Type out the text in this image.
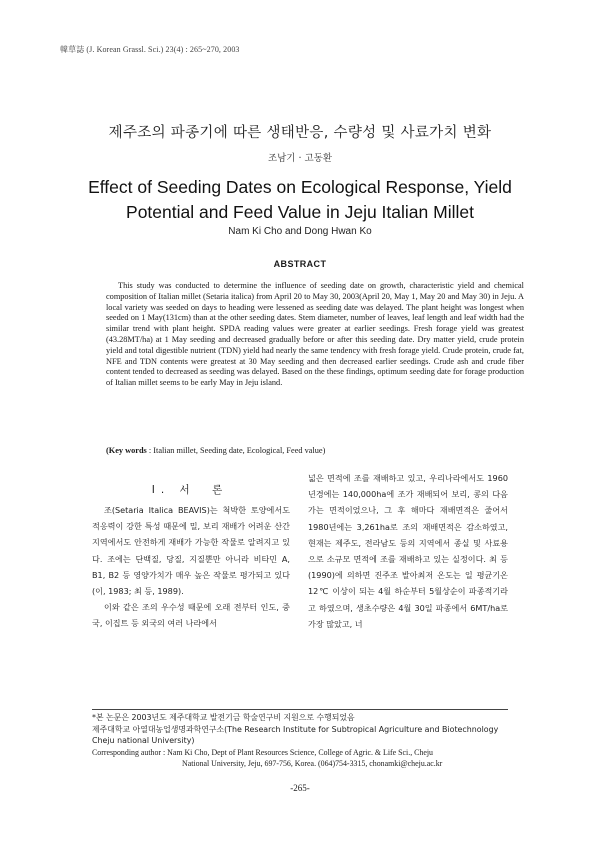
韓草誌 (J. Korean Grassl. Sci.) 23(4) : 265~270, 2003
제주조의 파종기에 따른 생태반응, 수량성 및 사료가치 변화
조남기 · 고동환
Effect of Seeding Dates on Ecological Response, Yield
Potential and Feed Value in Jeju Italian Millet
Nam Ki Cho and Dong Hwan Ko
ABSTRACT
This study was conducted to determine the influence of seeding date on growth, characteristic yield and chemical composition of Italian millet (Setaria italica) from April 20 to May 30, 2003(April 20, May 1, May 20 and May 30) in Jeju. A local variety was seeded on days to heading were lessened as seeding date was delayed. The plant height was longest when seeded on 1 May(131cm) than at the other seeding dates. Stem diameter, number of leaves, leaf length and leaf width had the similar trend with plant height. SPDA reading values were greater at earlier seedings. Fresh forage yield was greatest (43.28MT/ha) at 1 May seeding and decreased gradually before or after this seeding date. Dry matter yield, crude protein yield and total digestible nutrient (TDN) yield had nearly the same tendency with fresh forage yield. Crude protein, crude fat, NFE and TDN contents were greatest at 30 May seeding and then decreased earlier seedings. Crude ash and crude fiber content tended to decreased as seeding was delayed. Based on the these findings, optimum seeding date for forage production of Italian millet seems to be early May in Jeju island.
(Key words : Italian millet, Seeding date, Ecological, Feed value)
I. 서　론

조(Setaria Italica BEAVIS)는 척박한 토양에서도 적응력이 강한 특성 때문에 밀, 보리 재배가 어려운 산간지역에서도 안전하게 재배가 가능한 작물로 알려지고 있다. 조에는 단백질, 당질, 지질뿐만 아니라 비타민 A, B1, B2 등 영양가치가 매우 높은 작물로 평가되고 있다(이, 1983; 최 등, 1989).

이와 같은 조의 우수성 때문에 오래 전부터 인도, 중국, 이집트 등 외국의 여러 나라에서

넓은 면적에 조를 재배하고 있고, 우리나라에서도 1960년경에는 140,000ha에 조가 재배되어 보리, 콩의 다음 가는 면적이었으나, 그 후 해마다 재배면적은 줄어서 1980년에는 3,261ha로 조의 재배면적은 감소하였고, 현재는 제주도, 전라남도 등의 지역에서 종실 및 사료용으로 소규모 면적에 조를 재배하고 있는 실정이다. 최 등(1990)에 의하면 진주조 발아최저 온도는 일 평균기온 12℃ 이상이 되는 4월 하순부터 5월상순이 파종적기라고 하였으며, 생초수량은 4월 30일 파종에서 6MT/ha로 가장 많았고, 너

*본 논문은 2003년도 제주대학교 발전기금 학술연구비 지원으로 수행되었음

제주대학교 아열대농업생명과학연구소(The Research Institute for Subtropical Agriculture and Biotechnology Cheju national University)

Corresponding author : Nam Ki Cho, Dept of Plant Resources Science, College of Agric. & Life Sci., Cheju

National University, Jeju, 697-756, Korea. (064)754-3315, chonamki@cheju.ac.kr

-265-
